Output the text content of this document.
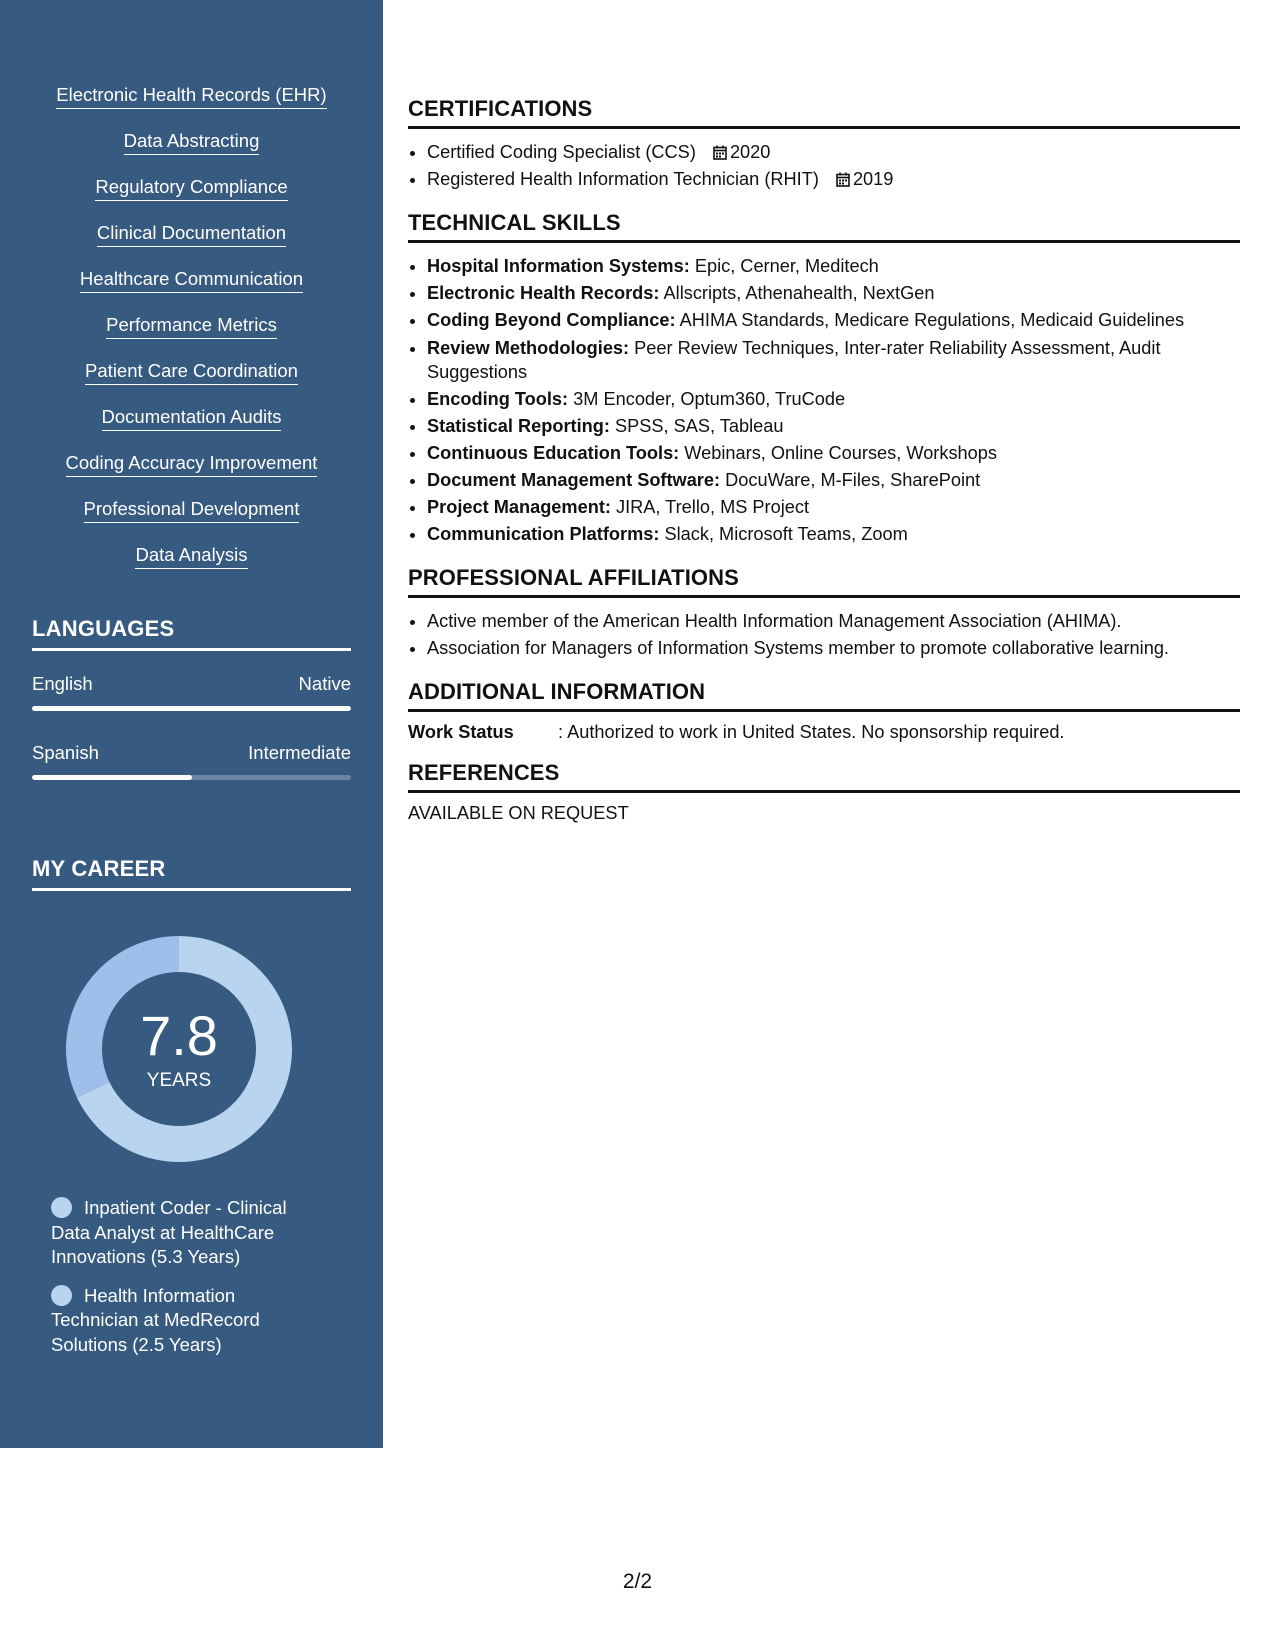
Electronic Health Records (EHR)
Data Abstracting
Regulatory Compliance
Clinical Documentation
Healthcare Communication
Performance Metrics
Patient Care Coordination
Documentation Audits
Coding Accuracy Improvement
Professional Development
Data Analysis
LANGUAGES
English	Native
Spanish	Intermediate
MY CAREER
7.8
YEARS
Inpatient Coder - Clinical Data Analyst at HealthCare Innovations (5.3 Years)
Health Information Technician at MedRecord Solutions (2.5 Years)
CERTIFICATIONS
• Certified Coding Specialist (CCS) 2020
• Registered Health Information Technician (RHIT) 2019
TECHNICAL SKILLS
• Hospital Information Systems: Epic, Cerner, Meditech
• Electronic Health Records: Allscripts, Athenahealth, NextGen
• Coding Beyond Compliance: AHIMA Standards, Medicare Regulations, Medicaid Guidelines
• Review Methodologies: Peer Review Techniques, Inter-rater Reliability Assessment, Audit Suggestions
• Encoding Tools: 3M Encoder, Optum360, TruCode
• Statistical Reporting: SPSS, SAS, Tableau
• Continuous Education Tools: Webinars, Online Courses, Workshops
• Document Management Software: DocuWare, M-Files, SharePoint
• Project Management: JIRA, Trello, MS Project
• Communication Platforms: Slack, Microsoft Teams, Zoom
PROFESSIONAL AFFILIATIONS
• Active member of the American Health Information Management Association (AHIMA).
• Association for Managers of Information Systems member to promote collaborative learning.
ADDITIONAL INFORMATION
Work Status	: Authorized to work in United States. No sponsorship required.
REFERENCES
AVAILABLE ON REQUEST
2/2
